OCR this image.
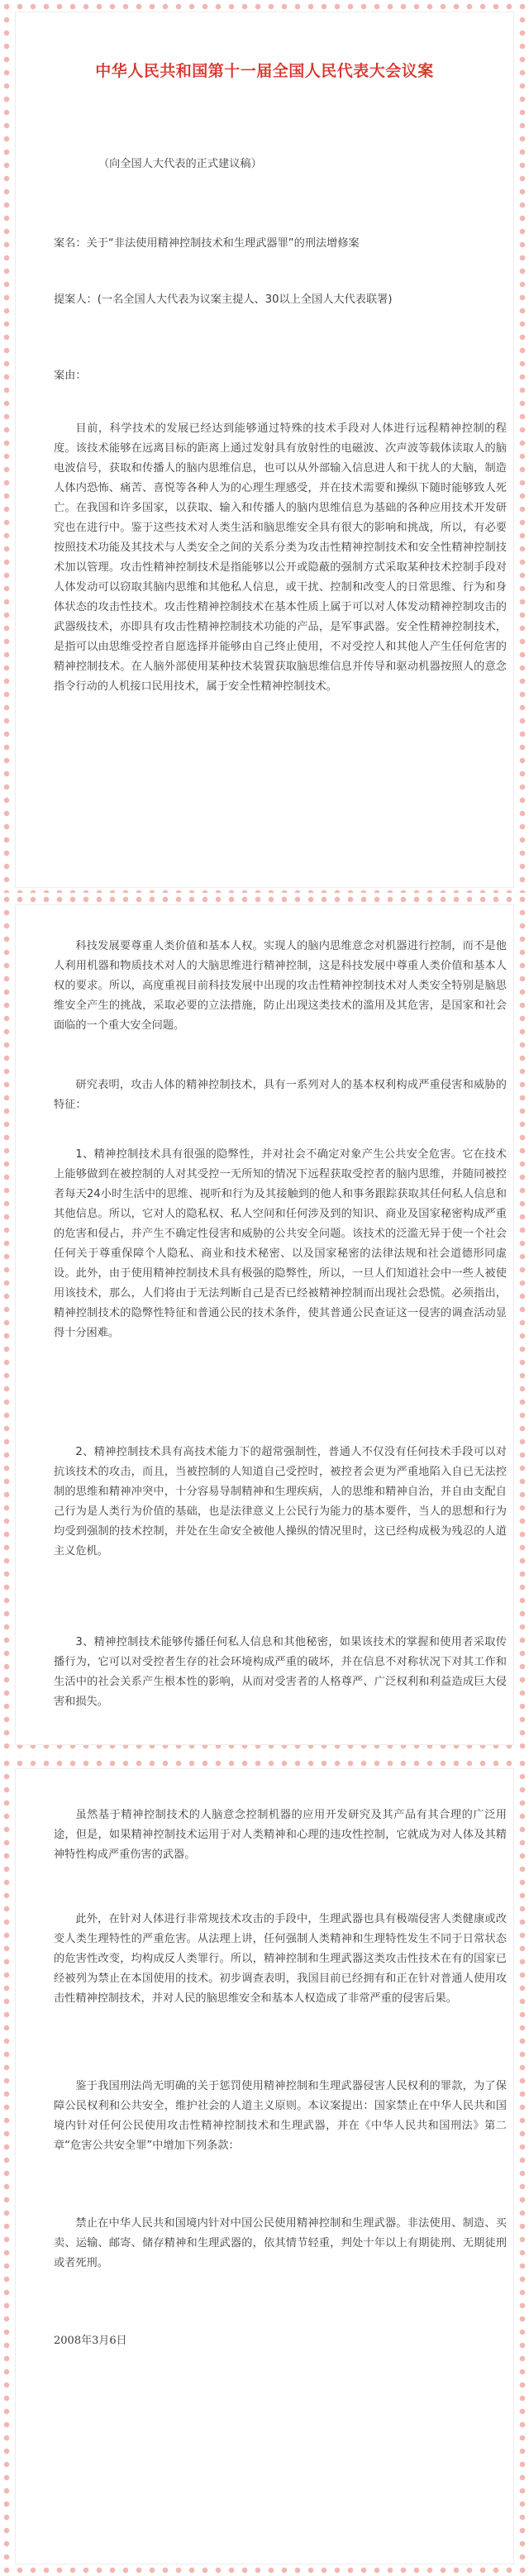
中华人民共和国第十一届全国人民代表大会议案

（向全国人大代表的正式建议稿）

案名：关于“非法使用精神控制技术和生理武器罪”的刑法增修案

提案人：(一名全国人大代表为议案主提人、30以上全国人大代表联署)

案由：

目前，科学技术的发展已经达到能够通过特殊的技术手段对人体进行远程精神控制的程度。该技术能够在远离目标的距离上通过发射具有放射性的电磁波、次声波等载体读取人的脑电波信号，获取和传播人的脑内思维信息，也可以从外部输入信息进人和干扰人的大脑，制造人体内恐怖、痛苦、喜悦等各种人为的心理生理感受，并在技术需要和操纵下随时能够致人死亡。在我国和许多国家，以获取、输入和传播人的脑内思维信息为基础的各种应用技术开发研究也在进行中。鉴于这些技术对人类生活和脑思维安全具有很大的影响和挑战，所以，有必要按照技术功能及其技术与人类安全之间的关系分类为攻击性精神控制技术和安全性精神控制技术加以管理。攻击性精神控制技术是指能够以公开或隐蔽的强制方式采取某种技术控制手段对人体发动可以窃取其脑内思维和其他私人信息，或干扰、控制和改变人的日常思维、行为和身体状态的攻击性技术。攻击性精神控制技术在基本性质上属于可以对人体发动精神控制攻击的武器级技术，亦即具有攻击性精神控制技术功能的产品，是军事武器。安全性精神控制技术，是指可以由思维受控者自愿选择并能够由自己终止使用，不对受控人和其他人产生任何危害的精神控制技术。在人脑外部使用某种技术装置获取脑思维信息并传导和驱动机器按照人的意念指令行动的人机接口民用技术，属于安全性精神控制技术。

科技发展要尊重人类价值和基本人权。实现人的脑内思维意念对机器进行控制，而不是他人利用机器和物质技术对人的大脑思维进行精神控制，这是科技发展中尊重人类价值和基本人权的要求。所以，高度重视目前科技发展中出现的攻击性精神控制技术对人类安全特别是脑思维安全产生的挑战，采取必要的立法措施，防止出现这类技术的滥用及其危害，是国家和社会面临的一个重大安全问题。

研究表明，攻击人体的精神控制技术，具有一系列对人的基本权利构成严重侵害和威胁的特征：

1、精神控制技术具有很强的隐弊性，并对社会不确定对象产生公共安全危害。它在技术上能够做到在被控制的人对其受控一无所知的情况下远程获取受控者的脑内思维，并随同被控者每天24小时生活中的思维、视听和行为及其接触到的他人和事务跟踪获取其任何私人信息和其他信息。所以，它对人的隐私权、私人空间和任何涉及到的知识、商业及国家秘密构成严重的危害和侵占，并产生不确定性侵害和威胁的公共安全问题。该技术的泛滥无异于使一个社会任何关于尊重保障个人隐私、商业和技术秘密、以及国家秘密的法律法规和社会道德形同虚设。此外，由于使用精神控制技术具有极强的隐弊性，所以，一旦人们知道社会中一些人被使用该技术，那么，人们将由于无法判断自己是否已经被精神控制而出现社会恐慌。必须指出，精神控制技术的隐弊性特征和普通公民的技术条件，使其普通公民查证这一侵害的调查活动显得十分困难。

2、精神控制技术具有高技术能力下的超常强制性，普通人不仅没有任何技术手段可以对抗该技术的攻击，而且，当被控制的人知道自己受控时，被控者会更为严重地陷入自已无法控制的思维和精神冲突中，十分容易导制精神和生理疾病，人的思维和精神自治，并自由支配自己行为是人类行为价值的基础，也是法律意义上公民行为能力的基本要件，当人的思想和行为均受到强制的技术控制，并处在生命安全被他人操纵的情况里时，这已经构成极为残忍的人道主义危机。

3、精神控制技术能够传播任何私人信息和其他秘密，如果该技术的掌握和使用者采取传播行为，它可以对受控者生存的社会环境构成严重的破坏，并在信息不对称状况下对其工作和生活中的社会关系产生根本性的影响，从而对受害者的人格尊严、广泛权利和利益造成巨大侵害和损失。

虽然基于精神控制技术的人脑意念控制机器的应用开发研究及其产品有其合理的广泛用途，但是，如果精神控制技术运用于对人类精神和心理的违攻性控制，它就成为对人体及其精神特性构成严重伤害的武器。

此外，在针对人体进行非常规技术攻击的手段中，生理武器也具有极端侵害人类健康或改变人类生理特性的严重危害。从法理上讲，任何强制人类精神和生理特性发生不同于日常状态的危害性改变，均构成反人类罪行。所以，精神控制和生理武器这类攻击性技术在有的国家已经被列为禁止在本国使用的技术。初步调查表明，我国目前已经拥有和正在针对普通人使用攻击性精神控制技术，并对人民的脑思维安全和基本人权造成了非常严重的侵害后果。

鉴于我国刑法尚无明确的关于惩罚使用精神控制和生理武器侵害人民权利的罪款，为了保障公民权利和公共安全，维护社会的人道主义原则。本议案提出：国家禁止在中华人民共和国境内针对任何公民使用攻击性精神控制技术和生理武器，并在《中华人民共和国刑法》第二章“危害公共安全罪”中增加下列条款：

禁止在中华人民共和国境内针对中国公民使用精神控制和生理武器。非法使用、制造、买卖、运输、邮寄、储存精神和生理武器的，依其情节轻重，判处十年以上有期徒刑、无期徒刑或者死刑。

2008年3月6日
